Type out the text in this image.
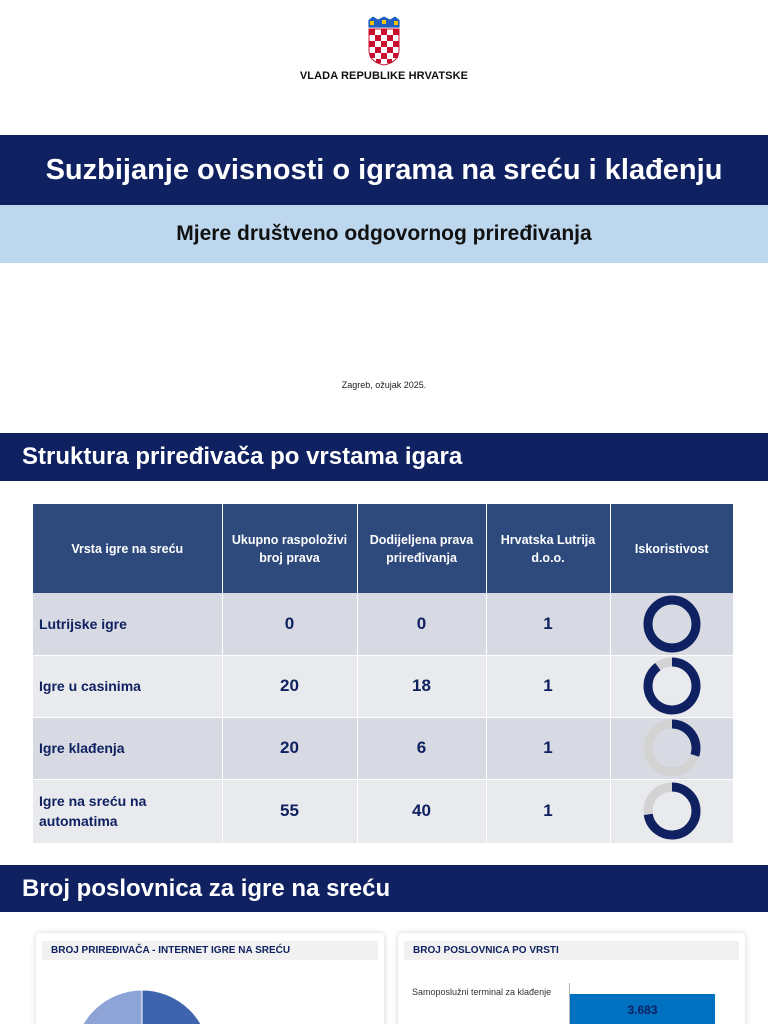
VLADA REPUBLIKE HRVATSKE
Suzbijanje ovisnosti o igrama na sreću i klađenju
Mjere društveno odgovornog priređivanja
Zagreb, ožujak 2025.
Struktura priređivača po vrstama igara
Vrsta igre na sreću	Ukupno raspoloživi broj prava	Dodijeljena prava priređivanja	Hrvatska Lutrija d.o.o.	Iskoristivost
Lutrijske igre	0	0	1	

Igre u casinima	20	18	1	

Igre klađenja	20	6	1	

Igre na sreću na automatima	55	40	1	
Broj poslovnica za igre na sreću
BROJ PRIREĐIVAČA - INTERNET IGRE NA SREĆU	BROJ POSLOVNICA PO VRSTI
Samoposlužni terminal za klađenje
3.683
